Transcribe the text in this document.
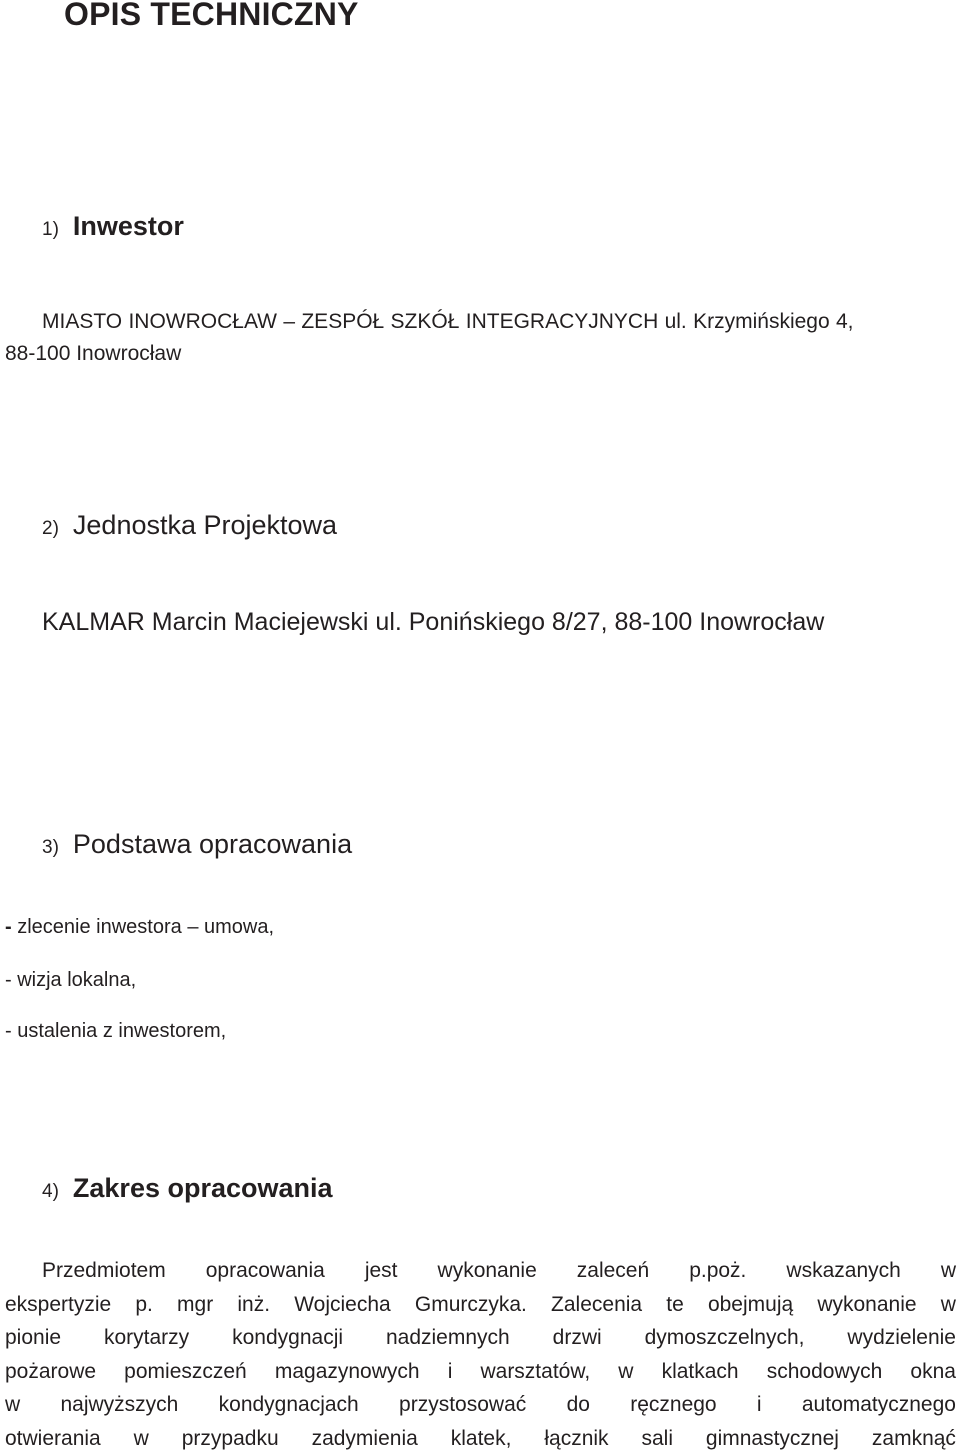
OPIS TECHNICZNY
1) Inwestor

MIASTO INOWROCŁAW – ZESPÓŁ SZKÓŁ INTEGRACYJNYCH ul. Krzymińskiego 4,

88-100 Inowrocław

2) Jednostka Projektowa

KALMAR Marcin Maciejewski ul. Ponińskiego 8/27, 88-100 Inowrocław

3) Podstawa opracowania

- zlecenie inwestora – umowa,

- wizja lokalna,

- ustalenia z inwestorem,

4) Zakres opracowania
Przedmiotem opracowania jest wykonanie zaleceń p.poż. wskazanych w
ekspertyzie p. mgr inż. Wojciecha Gmurczyka. Zalecenia te obejmują wykonanie w
pionie korytarzy kondygnacji nadziemnych drzwi dymoszczelnych, wydzielenie
pożarowe pomieszczeń magazynowych i warsztatów, w klatkach schodowych okna
w najwyższych kondygnacjach przystosować do ręcznego i automatycznego
otwierania w przypadku zadymienia klatek, łącznik sali gimnastycznej zamknąć
